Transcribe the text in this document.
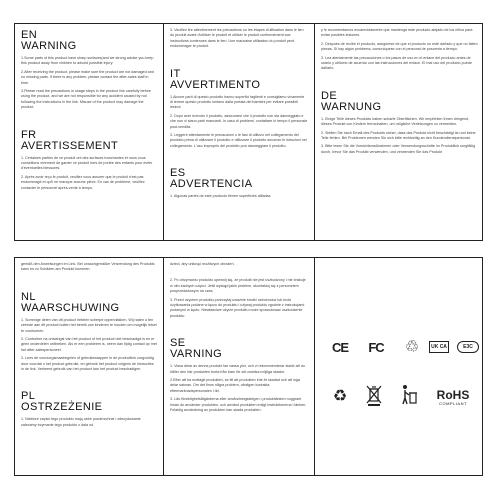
EN
WARNING
1.Some parts of this product have sharp surfaces(and we strong advise you keep this product away from children to advoid possible injury.
2.After receiving the product, please make sure the product are not damaged and no missing parts. If there is any problem, please contact the after-sales staff in time.
3.Please read the precautions in usage steps in the product link carefully before using the product, and we are not responsible for any accident caused by not following the instructions in the link. Misuse of the product may damage the product.
FR
AVERTISSEMENT
1. Certaines parties de ce produit ont des surfaces tranchantes et nous vous conseillons vivement de garder ce produit hors de portée des enfants pour éviter d'éventuelles blessures.
2. Après avoir reçu le produit, veuillez vous assurer que le produit n'est pas endommagé et qu'il ne manque aucune pièce. En cas de problème, veuillez contacter le personnel après-vente à temps.
3. Veuillez lire attentivement les précautions ou les étapes d'utilisation dans le lien du produit avant d'utiliser le produit et utiliser le produit conformément aux instructions contenues dans le lien. Une mauvaise utilisation du produit peut endommager le produit.
IT
AVVERTIMENTO
1.Alcune parti di questo prodotto hanno superfici taglienti e consigliamo vivamente di tenere questo prodotto lontano dalla portata dei bambini per evitare possibili lesioni.
2. Dopo aver ricevuto il prodotto, assicurarsi che il prodotto non sia danneggiato e che non vi siano parti mancanti. In caso di problemi, contattare in tempo il personale post-vendita.
3. Leggere attentamente le precauzioni o le fasi di utilizzo nel collegamento del prodotto prima di utilizzare il prodotto e utilizzare il prodotto secondo le istruzioni nel collegamento. L'uso improprio del prodotto può danneggiare il prodotto.
ES
ADVERTENCIA
1. Algunas partes de este producto tienen superficies afiladas
y le recomendamos encarecidamente que mantenga este producto alejado de los niños para evitar posibles lesiones.
2. Después de recibir el producto, asegúrese de que el producto no esté dañado y que no falten piezas. Si hay algún problema, comuníquese con el personal de posventa a tiempo.
3. Lea atentamente las precauciones o los pasos de uso en el enlace del producto antes de usarlo y utilícelo de acuerdo con las instrucciones del enlace. El mal uso del producto puede dañarlo.
DE
WARNUNG
1. Einige Teile dieses Produkts haben scharfe Oberflächen. Wir empfehlen Ihnen dringend, dieses Produkt von Kindern fernzuhalten, um mögliche Verletzungen zu vermeiden.
2. Stellen Sie nach Erhalt des Produkts sicher, dass das Produkt nicht beschädigt ist und keine Teile fehlen. Bei Problemen wenden Sie sich bitte rechtzeitig an den Kundendienstpersonal.
3. Bitte lesen Sie die Vorsichtsmaßnahmen oder Verwendungsschritte im Produktlink sorgfältig durch, bevor Sie das Produkt verwenden, und verwenden Sie das Produkt
gemäß den Anweisungen im Link. Bei unsachgemäßer Verwendung des Produkts kann es zu Schäden am Produkt kommen.
NL
WAARSCHUWING
1. Sommige delen van dit product hebben scherpe oppervlakken. Wij raden u ten zeerste aan dit product buiten het bereik van kinderen te houden om mogelijk letsel te voorkomen.
2. Controleer na ontvangst van het product of het product niet beschadigd is en er geen onderdelen ontbreken. Als er een probleem is, neem dan tijdig contact op met het after-salespersoneel.
3. Lees de voorzorgsmaatregelen of gebruiksstappen in de productlink zorgvuldig door voordat u het product gebruikt, en gebruik het product volgens de instructies in de link. Verkeerd gebruik van het product kan het product beschadigen.
PL
OSTRZEŻENIE
1. Niektóre części tego produktu mają ostre powierzchnie i zdecydowanie zalecamy trzymanie tego produktu z dala od
dzieci, aby uniknąć możliwych obrażeń.
2. Po otrzymaniu produktu upewnij się, że produkt nie jest uszkodzony i nie brakuje w nim żadnych części. Jeśli wystąpi jakiś problem, skontaktuj się z personelem posprzedażowym na czas.
3. Przed użyciem produktu przeczytaj uważnie środki ostrożności lub kroki użytkowania podane w łączu do produktu i używaj produktu zgodnie z instrukcjami podanymi w łączu. Niewłaściwe użycie produktu może spowodować uszkodzenie produktu.
SE
VARNING
1. Vissa delar av denna produkt har vassa ytor, och vi rekommenderar starkt att du håller den här produkten borta från barn för att undvika möjliga skador.
2.Efter att ha mottagit produkten, se till att produkten inte är skadad och att inga delar saknas. Om det finns några problem, vänligen kontakta eftermarknadspersonalen i tid.
3. Läs försiktighetsåtgärderna eller användningsstegen i produktlänken noggrant innan du använder produkten, och använd produkten enligt instruktionerna i länken. Felaktig användning av produkten kan skada produkten.
CE FC ♲	UK CA	E3C
♻	RoHS
COMPLIANT
